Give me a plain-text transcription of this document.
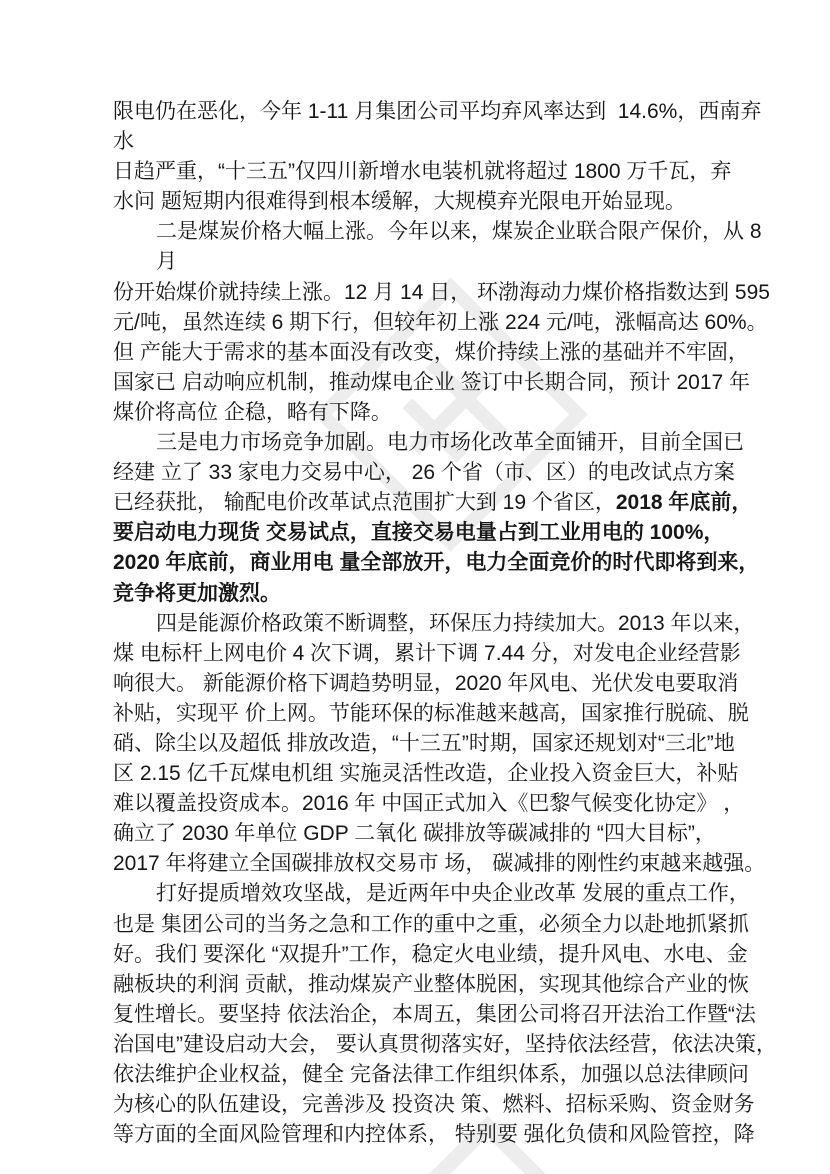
限电仍在恶化，今年 1-11 月集团公司平均弃风率达到  14.6%，西南弃
水
日趋严重，“十三五”仅四川新增水电装机就将超过 1800 万千瓦，弃
水问 题短期内很难得到根本缓解，大规模弃光限电开始显现。
二是煤炭价格大幅上涨。今年以来，煤炭企业联合限产保价，从 8
月
份开始煤价就持续上涨。12 月 14 日， 环渤海动力煤价格指数达到 595
元/吨，虽然连续 6 期下行，但较年初上涨 224 元/吨，涨幅高达 60%。
但 产能大于需求的基本面没有改变，煤价持续上涨的基础并不牢固，
国家已 启动响应机制，推动煤电企业 签订中长期合同，预计 2017 年
煤价将高位 企稳，略有下降。
三是电力市场竞争加剧。电力市场化改革全面铺开，目前全国已
经建 立了 33 家电力交易中心， 26 个省（市、区）的电改试点方案
已经获批， 输配电价改革试点范围扩大到 19 个省区，2018 年底前，
要启动电力现货 交易试点，直接交易电量占到工业用电的 100%，
2020 年底前，商业用电 量全部放开，电力全面竞价的时代即将到来，
竞争将更加激烈。
四是能源价格政策不断调整，环保压力持续加大。2013 年以来，
煤 电标杆上网电价 4 次下调，累计下调 7.44 分，对发电企业经营影
响很大。 新能源价格下调趋势明显，2020 年风电、光伏发电要取消
补贴，实现平 价上网。节能环保的标准越来越高，国家推行脱硫、脱
硝、除尘以及超低 排放改造，“十三五”时期，国家还规划对“三北”地
区 2.15 亿千瓦煤电机组 实施灵活性改造，企业投入资金巨大，补贴
难以覆盖投资成本。2016 年 中国正式加入《巴黎气候变化协定》 ，
确立了 2030 年单位 GDP 二氧化 碳排放等碳减排的 “四大目标”，
2017 年将建立全国碳排放权交易市 场， 碳减排的刚性约束越来越强。
打好提质增效攻坚战，是近两年中央企业改革 发展的重点工作，
也是 集团公司的当务之急和工作的重中之重，必须全力以赴地抓紧抓
好。我们 要深化 “双提升”工作，稳定火电业绩，提升风电、水电、金
融板块的利润 贡献，推动煤炭产业整体脱困，实现其他综合产业的恢
复性增长。要坚持 依法治企，本周五，集团公司将召开法治工作暨“法
治国电”建设启动大会， 要认真贯彻落实好，坚持依法经营，依法决策，
依法维护企业权益，健全 完备法律工作组织体系，加强以总法律顾问
为核心的队伍建设，完善涉及 投资决 策、燃料、招标采购、资金财务
等方面的全面风险管理和内控体系， 特别要 强化负债和风险管控，降
